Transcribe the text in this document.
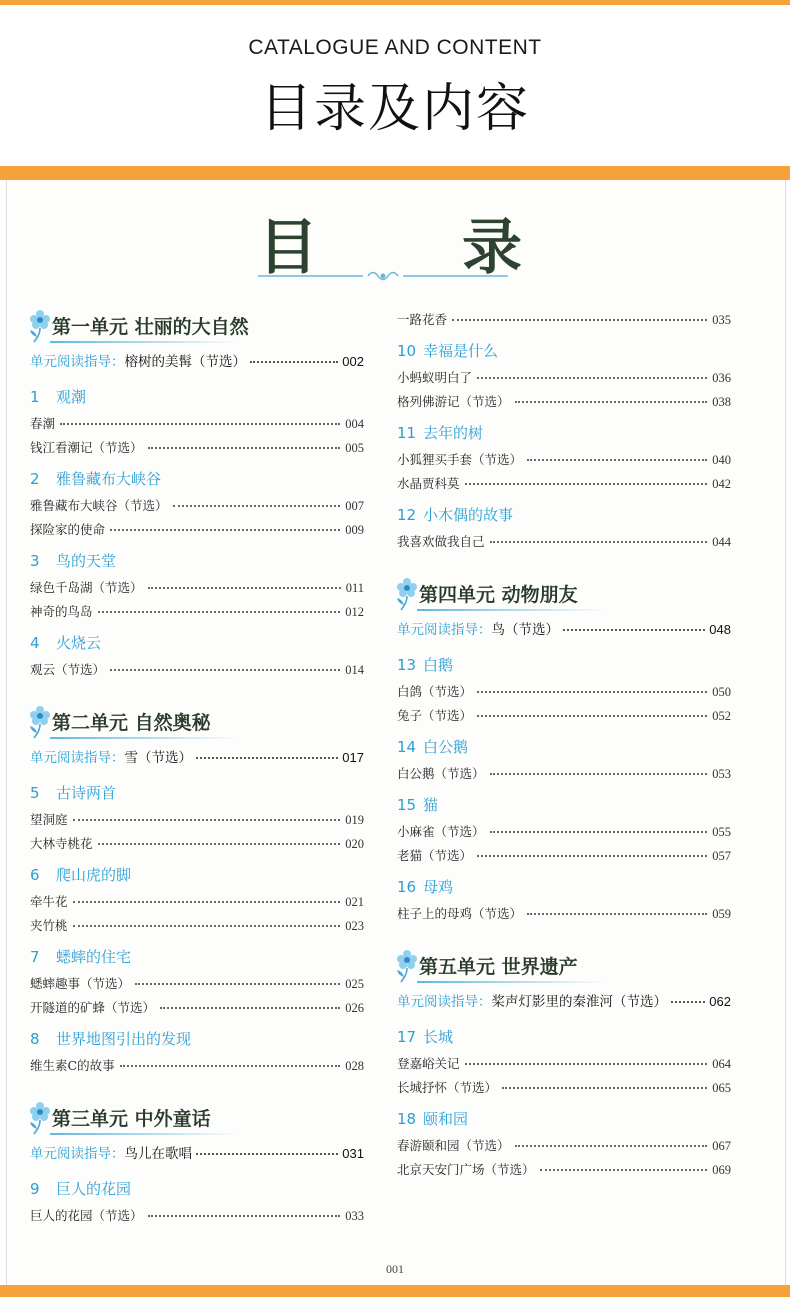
CATALOGUE AND CONTENT
目录及内容
目 录
第一单元 壮丽的大自然
单元阅读指导： 榕树的美髯（节选）	002
1 观潮
春潮	004
钱江看潮记（节选）	005
2 雅鲁藏布大峡谷
雅鲁藏布大峡谷（节选）	007
探险家的使命	009
3 鸟的天堂
绿色千岛湖（节选）	011
神奇的鸟岛	012
4 火烧云
观云（节选）	014
第二单元 自然奥秘
单元阅读指导： 雪（节选）	017
5 古诗两首
望洞庭	019
大林寺桃花	020
6 爬山虎的脚
牵牛花	021
夹竹桃	023
7 蟋蟀的住宅
蟋蟀趣事（节选）	025
开隧道的矿蜂（节选）	026
8 世界地图引出的发现
维生素C的故事	028
第三单元 中外童话
单元阅读指导： 鸟儿在歌唱	031
9 巨人的花园
巨人的花园（节选）	033
一路花香	035
10 幸福是什么
小蚂蚁明白了	036
格列佛游记（节选）	038
11 去年的树
小狐狸买手套（节选）	040
水晶贾科莫	042
12 小木偶的故事
我喜欢做我自己	044
第四单元 动物朋友
单元阅读指导： 鸟（节选）	048
13 白鹅
白鸽（节选）	050
兔子（节选）	052
14 白公鹅
白公鹅（节选）	053
15 猫
小麻雀（节选）	055
老猫（节选）	057
16 母鸡
柱子上的母鸡（节选）	059
第五单元 世界遗产
单元阅读指导： 桨声灯影里的秦淮河（节选）	062
17 长城
登嘉峪关记	064
长城抒怀（节选）	065
18 颐和园
春游颐和园（节选）	067
北京天安门广场（节选）	069
001
